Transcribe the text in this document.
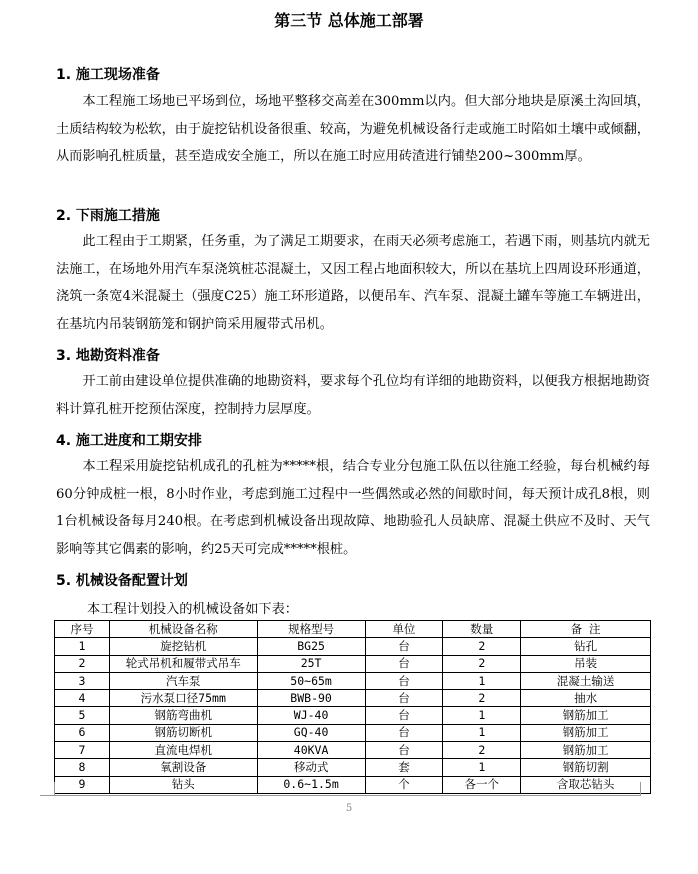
第三节 总体施工部署
1. 施工现场准备

本工程施工场地已平场到位，场地平整移交高差在300mm以内。但大部分地块是原溪土沟回填，土质结构较为松软，由于旋挖钻机设备很重、较高，为避免机械设备行走或施工时陷如土壤中或倾翻，从而影响孔桩质量，甚至造成安全施工，所以在施工时应用砖渣进行铺垫200~300mm厚。

2. 下雨施工措施

此工程由于工期紧，任务重，为了满足工期要求，在雨天必须考虑施工，若遇下雨，则基坑内就无法施工，在场地外用汽车泵浇筑桩芯混凝土，又因工程占地面积较大，所以在基坑上四周设环形通道，浇筑一条宽4米混凝土（强度C25）施工环形道路，以便吊车、汽车泵、混凝土罐车等施工车辆进出，在基坑内吊装钢筋笼和钢护筒采用履带式吊机。

3. 地勘资料准备

开工前由建设单位提供准确的地勘资料，要求每个孔位均有详细的地勘资料，以便我方根据地勘资料计算孔桩开挖预估深度，控制持力层厚度。

4. 施工进度和工期安排

本工程采用旋挖钻机成孔的孔桩为*****根，结合专业分包施工队伍以往施工经验，每台机械约每60分钟成桩一根，8小时作业，考虑到施工过程中一些偶然或必然的间歇时间，每天预计成孔8根，则1台机械设备每月240根。在考虑到机械设备出现故障、地勘验孔人员缺席、混凝土供应不及时、天气影响等其它偶素的影响，约25天可完成*****根桩。

5. 机械设备配置计划
本工程计划投入的机械设备如下表：
序号	机械设备名称	规格型号	单位	数量	备 注
1	旋挖钻机	BG25	台	2	钻孔
2	轮式吊机和履带式吊车	25T	台	2	吊装
3	汽车泵	50~65m	台	1	混凝土输送
4	污水泵口径75mm	BWB-90	台	2	抽水
5	钢筋弯曲机	WJ-40	台	1	钢筋加工
6	钢筋切断机	GQ-40	台	1	钢筋加工
7	直流电焊机	40KVA	台	2	钢筋加工
8	氧割设备	移动式	套	1	钢筋切割
9	钻头	0.6~1.5m	个	各一个	含取芯钻头
5
